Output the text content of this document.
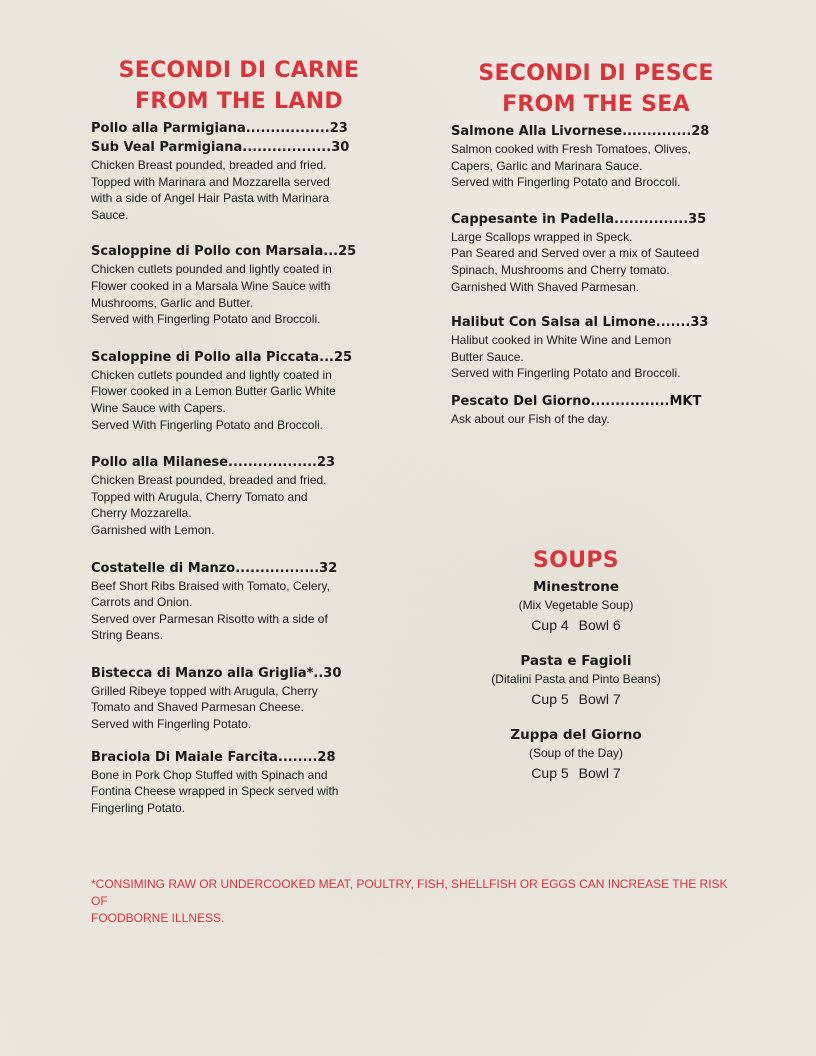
SECONDI DI CARNE
FROM THE LAND

Pollo alla Parmigiana.................23

Sub Veal Parmigiana..................30

Chicken Breast pounded, breaded and fried.
Topped with Marinara and Mozzarella served
with a side of Angel Hair Pasta with Marinara
Sauce.

Scaloppine di Pollo con Marsala...25

Chicken cutlets pounded and lightly coated in
Flower cooked in a Marsala Wine Sauce with
Mushrooms, Garlic and Butter.
Served with Fingerling Potato and Broccoli.

Scaloppine di Pollo alla Piccata...25

Chicken cutlets pounded and lightly coated in
Flower cooked in a Lemon Butter Garlic White
Wine Sauce with Capers.
Served With Fingerling Potato and Broccoli.

Pollo alla Milanese..................23

Chicken Breast pounded, breaded and fried.
Topped with Arugula, Cherry Tomato and
Cherry Mozzarella.
Garnished with Lemon.

Costatelle di Manzo.................32

Beef Short Ribs Braised with Tomato, Celery,
Carrots and Onion.
Served over Parmesan Risotto with a side of
String Beans.

Bistecca di Manzo alla Griglia*..30

Grilled Ribeye topped with Arugula, Cherry
Tomato and Shaved Parmesan Cheese.
Served with Fingerling Potato.

Braciola Di Maiale Farcita........28

Bone in Pork Chop Stuffed with Spinach and
Fontina Cheese wrapped in Speck served with
Fingerling Potato.
SECONDI DI PESCE
FROM THE SEA

Salmone Alla Livornese..............28

Salmon cooked with Fresh Tomatoes, Olives,
Capers, Garlic and Marinara Sauce.
Served with Fingerling Potato and Broccoli.

Cappesante in Padella...............35

Large Scallops wrapped in Speck.
Pan Seared and Served over a mix of Sauteed
Spinach, Mushrooms and Cherry tomato.
Garnished With Shaved Parmesan.

Halibut Con Salsa al Limone.......33

Halibut cooked in White Wine and Lemon
Butter Sauce.
Served with Fingerling Potato and Broccoli.

Pescato Del Giorno................MKT

Ask about our Fish of the day.
SOUPS
Minestrone
(Mix Vegetable Soup)
Cup 4 Bowl 6
Pasta e Fagioli
(Ditalini Pasta and Pinto Beans)
Cup 5 Bowl 7
Zuppa del Giorno
(Soup of the Day)
Cup 5 Bowl 7
*CONSIMING RAW OR UNDERCOOKED MEAT, POULTRY, FISH, SHELLFISH OR EGGS CAN INCREASE THE RISK OF
FOODBORNE ILLNESS.
